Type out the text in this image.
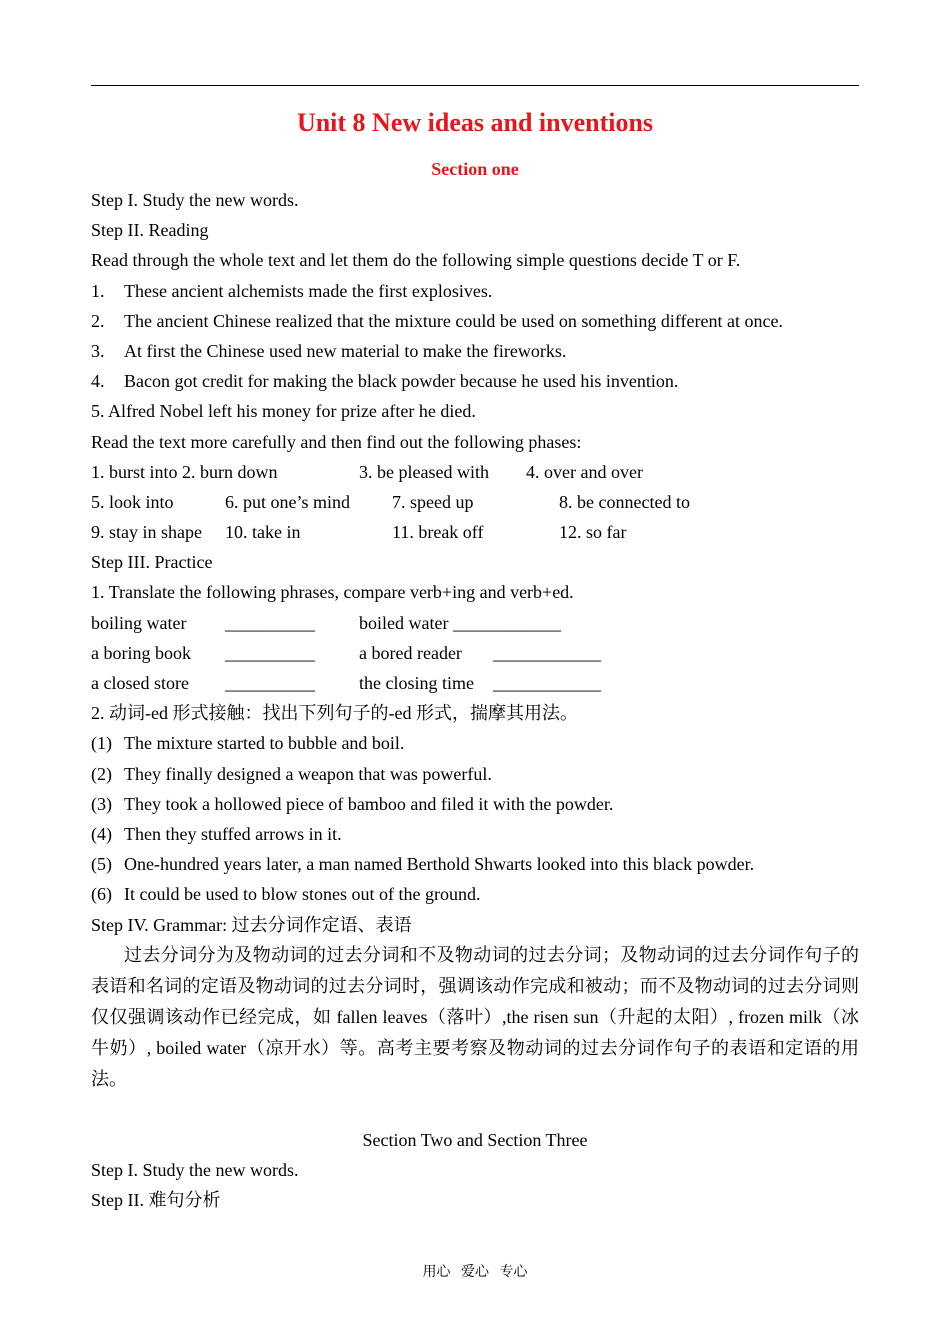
Unit 8 New ideas and inventions
Section one
Step I. Study the new words.
Step II. Reading
Read through the whole text and let them do the following simple questions decide T or F.
1. These ancient alchemists made the first explosives.
2. The ancient Chinese realized that the mixture could be used on something different at once.
3. At first the Chinese used new material to make the fireworks.
4. Bacon got credit for making the black powder because he used his invention.
5. Alfred Nobel left his money for prize after he died.
Read the text more carefully and then find out the following phases:
1. burst into 2. burn down	3. be pleased with 4. over and over
5. look into	6. put one’s mind 7. speed up	8. be connected to
9. stay in shape 10. take in	11. break off	12. so far
Step III. Practice
1. Translate the following phrases, compare verb+ing and verb+ed.
boiling water __________ boiled water ____________
a boring book __________ a bored reader ____________
a closed store __________ the closing time ____________
2. 动词-ed 形式接触：找出下列句子的-ed 形式，揣摩其用法。
(1) The mixture started to bubble and boil.
(2) They finally designed a weapon that was powerful.
(3) They took a hollowed piece of bamboo and filed it with the powder.
(4) Then they stuffed arrows in it.
(5) One-hundred years later, a man named Berthold Shwarts looked into this black powder.
(6) It could be used to blow stones out of the ground.
Step IV. Grammar: 过去分词作定语、表语
过去分词分为及物动词的过去分词和不及物动词的过去分词；及物动词的过去分词作句子的表语和名词的定语及物动词的过去分词时，强调该动作完成和被动；而不及物动词的过去分词则仅仅强调该动作已经完成，如 fallen leaves（落叶）,the risen sun（升起的太阳）, frozen milk（冰牛奶）, boiled water（凉开水）等。高考主要考察及物动词的过去分词作句子的表语和定语的用法。
Section Two and Section Three
Step I. Study the new words.
Step II. 难句分析
用心 爱心 专心
